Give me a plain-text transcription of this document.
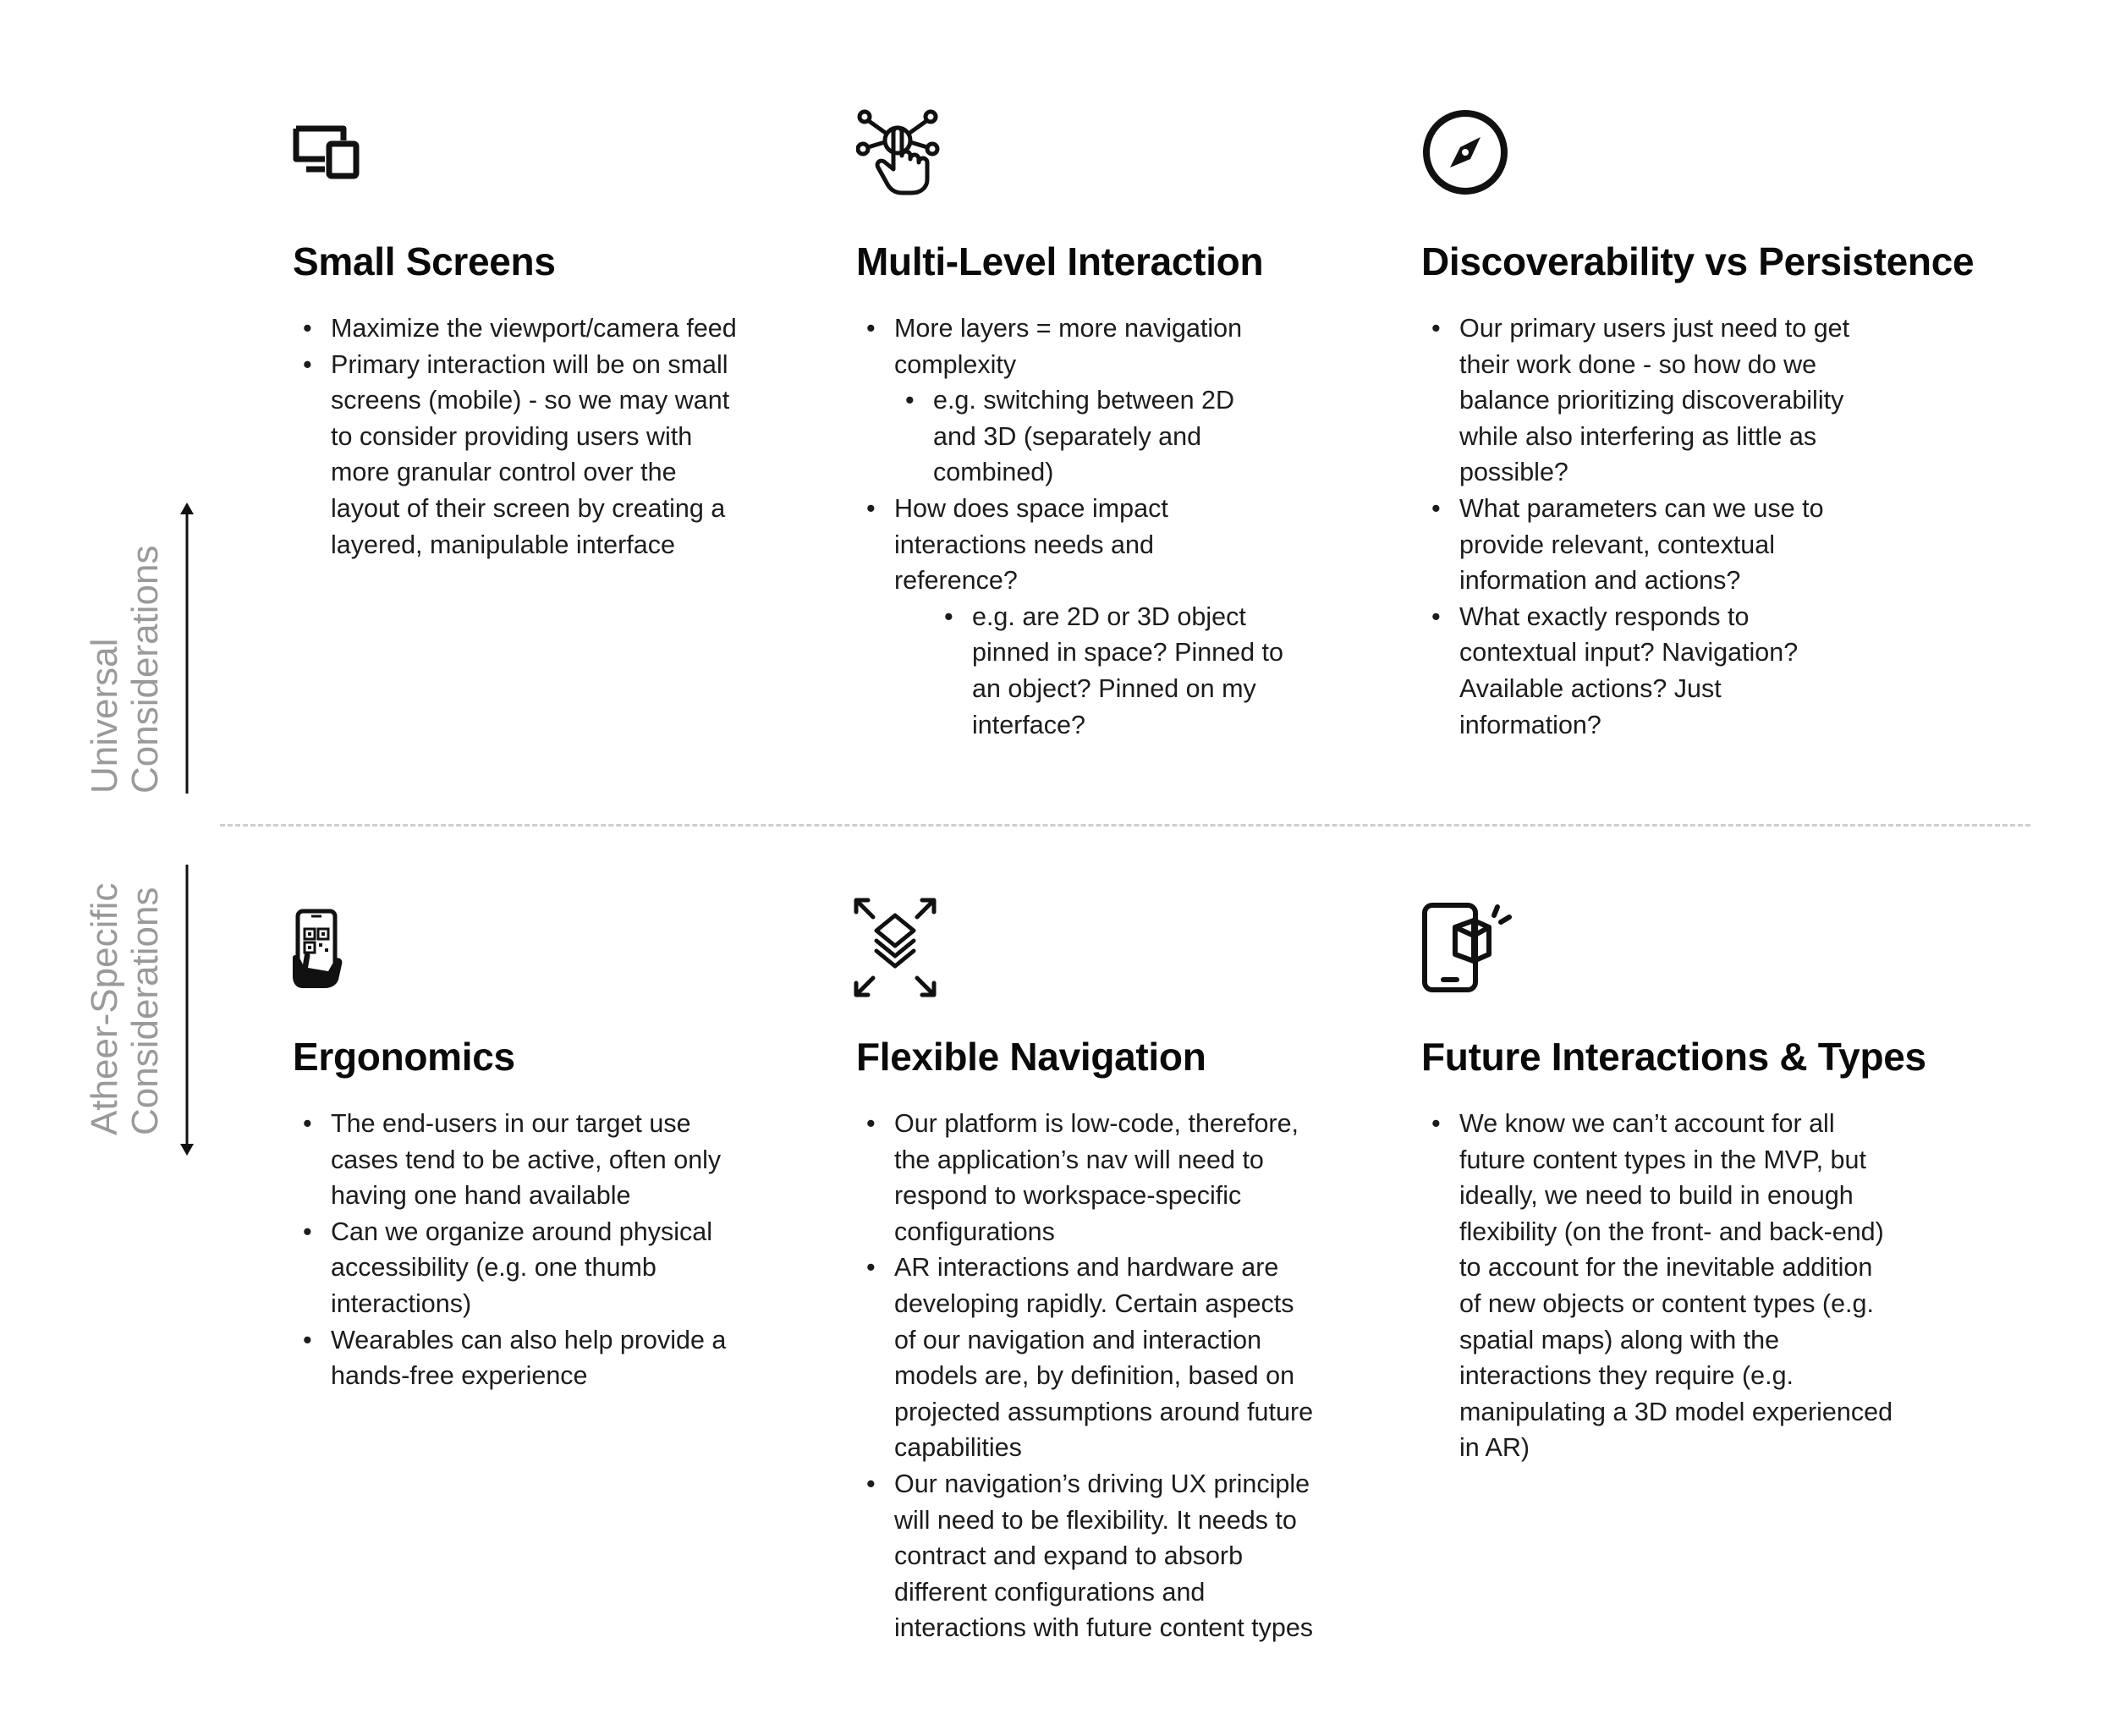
Universal Considerations
Atheer-Specific Considerations
Small Screens	Multi-Level Interaction	Discoverability vs Persistence
Ergonomics	Flexible Navigation	Future Interactions & Types
• Maximize the viewport/camera feed
• Primary interaction will be on small screens (mobile) - so we may want to consider providing users with more granular control over the layout of their screen by creating a layered, manipulable interface
• More layers = more navigation complexity
• e.g. switching between 2D and 3D (separately and combined)
• How does space impact interactions needs and reference?
• e.g. are 2D or 3D object pinned in space? Pinned to an object? Pinned on my interface?
• Our primary users just need to get their work done - so how do we balance prioritizing discoverability while also interfering as little as possible?
• What parameters can we use to provide relevant, contextual information and actions?
• What exactly responds to contextual input? Navigation? Available actions? Just information?
• The end-users in our target use cases tend to be active, often only having one hand available
• Can we organize around physical accessibility (e.g. one thumb interactions)
• Wearables can also help provide a hands-free experience
• Our platform is low-code, therefore, the application’s nav will need to respond to workspace-specific configurations
• AR interactions and hardware are developing rapidly. Certain aspects of our navigation and interaction models are, by definition, based on projected assumptions around future capabilities
• Our navigation’s driving UX principle will need to be flexibility. It needs to contract and expand to absorb different configurations and interactions with future content types
• We know we can’t account for all future content types in the MVP, but ideally, we need to build in enough flexibility (on the front- and back-end) to account for the inevitable addition of new objects or content types (e.g. spatial maps) along with the interactions they require (e.g. manipulating a 3D model experienced in AR)
